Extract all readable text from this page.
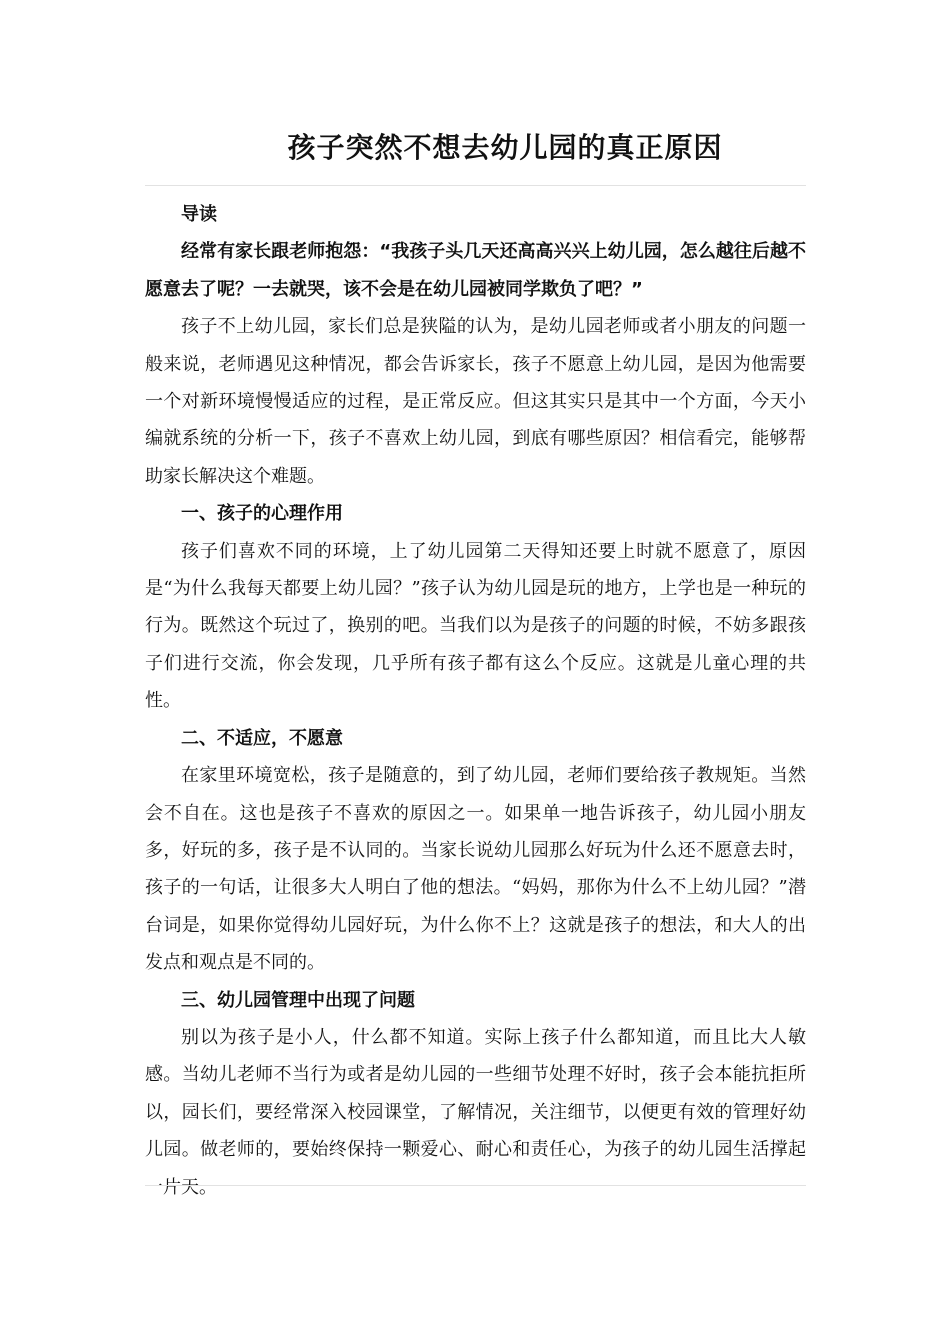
孩子突然不想去幼儿园的真正原因

导读

经常有家长跟老师抱怨：“我孩子头几天还高高兴兴上幼儿园，怎么越往后越不愿意去了呢？一去就哭，该不会是在幼儿园被同学欺负了吧？”

孩子不上幼儿园，家长们总是狭隘的认为，是幼儿园老师或者小朋友的问题一般来说，老师遇见这种情况，都会告诉家长，孩子不愿意上幼儿园，是因为他需要一个对新环境慢慢适应的过程，是正常反应。但这其实只是其中一个方面，今天小编就系统的分析一下，孩子不喜欢上幼儿园，到底有哪些原因？相信看完，能够帮助家长解决这个难题。

一、孩子的心理作用

孩子们喜欢不同的环境，上了幼儿园第二天得知还要上时就不愿意了，原因是“为什么我每天都要上幼儿园？”孩子认为幼儿园是玩的地方，上学也是一种玩的行为。既然这个玩过了，换别的吧。当我们以为是孩子的问题的时候，不妨多跟孩子们进行交流，你会发现，几乎所有孩子都有这么个反应。这就是儿童心理的共性。

二、不适应，不愿意

在家里环境宽松，孩子是随意的，到了幼儿园，老师们要给孩子教规矩。当然会不自在。这也是孩子不喜欢的原因之一。如果单一地告诉孩子，幼儿园小朋友多，好玩的多，孩子是不认同的。当家长说幼儿园那么好玩为什么还不愿意去时，孩子的一句话，让很多大人明白了他的想法。“妈妈，那你为什么不上幼儿园？”潜台词是，如果你觉得幼儿园好玩，为什么你不上？这就是孩子的想法，和大人的出发点和观点是不同的。

三、幼儿园管理中出现了问题

别以为孩子是小人，什么都不知道。实际上孩子什么都知道，而且比大人敏感。当幼儿老师不当行为或者是幼儿园的一些细节处理不好时，孩子会本能抗拒所以，园长们，要经常深入校园课堂，了解情况，关注细节，以便更有效的管理好幼儿园。做老师的，要始终保持一颗爱心、耐心和责任心，为孩子的幼儿园生活撑起一片天。
